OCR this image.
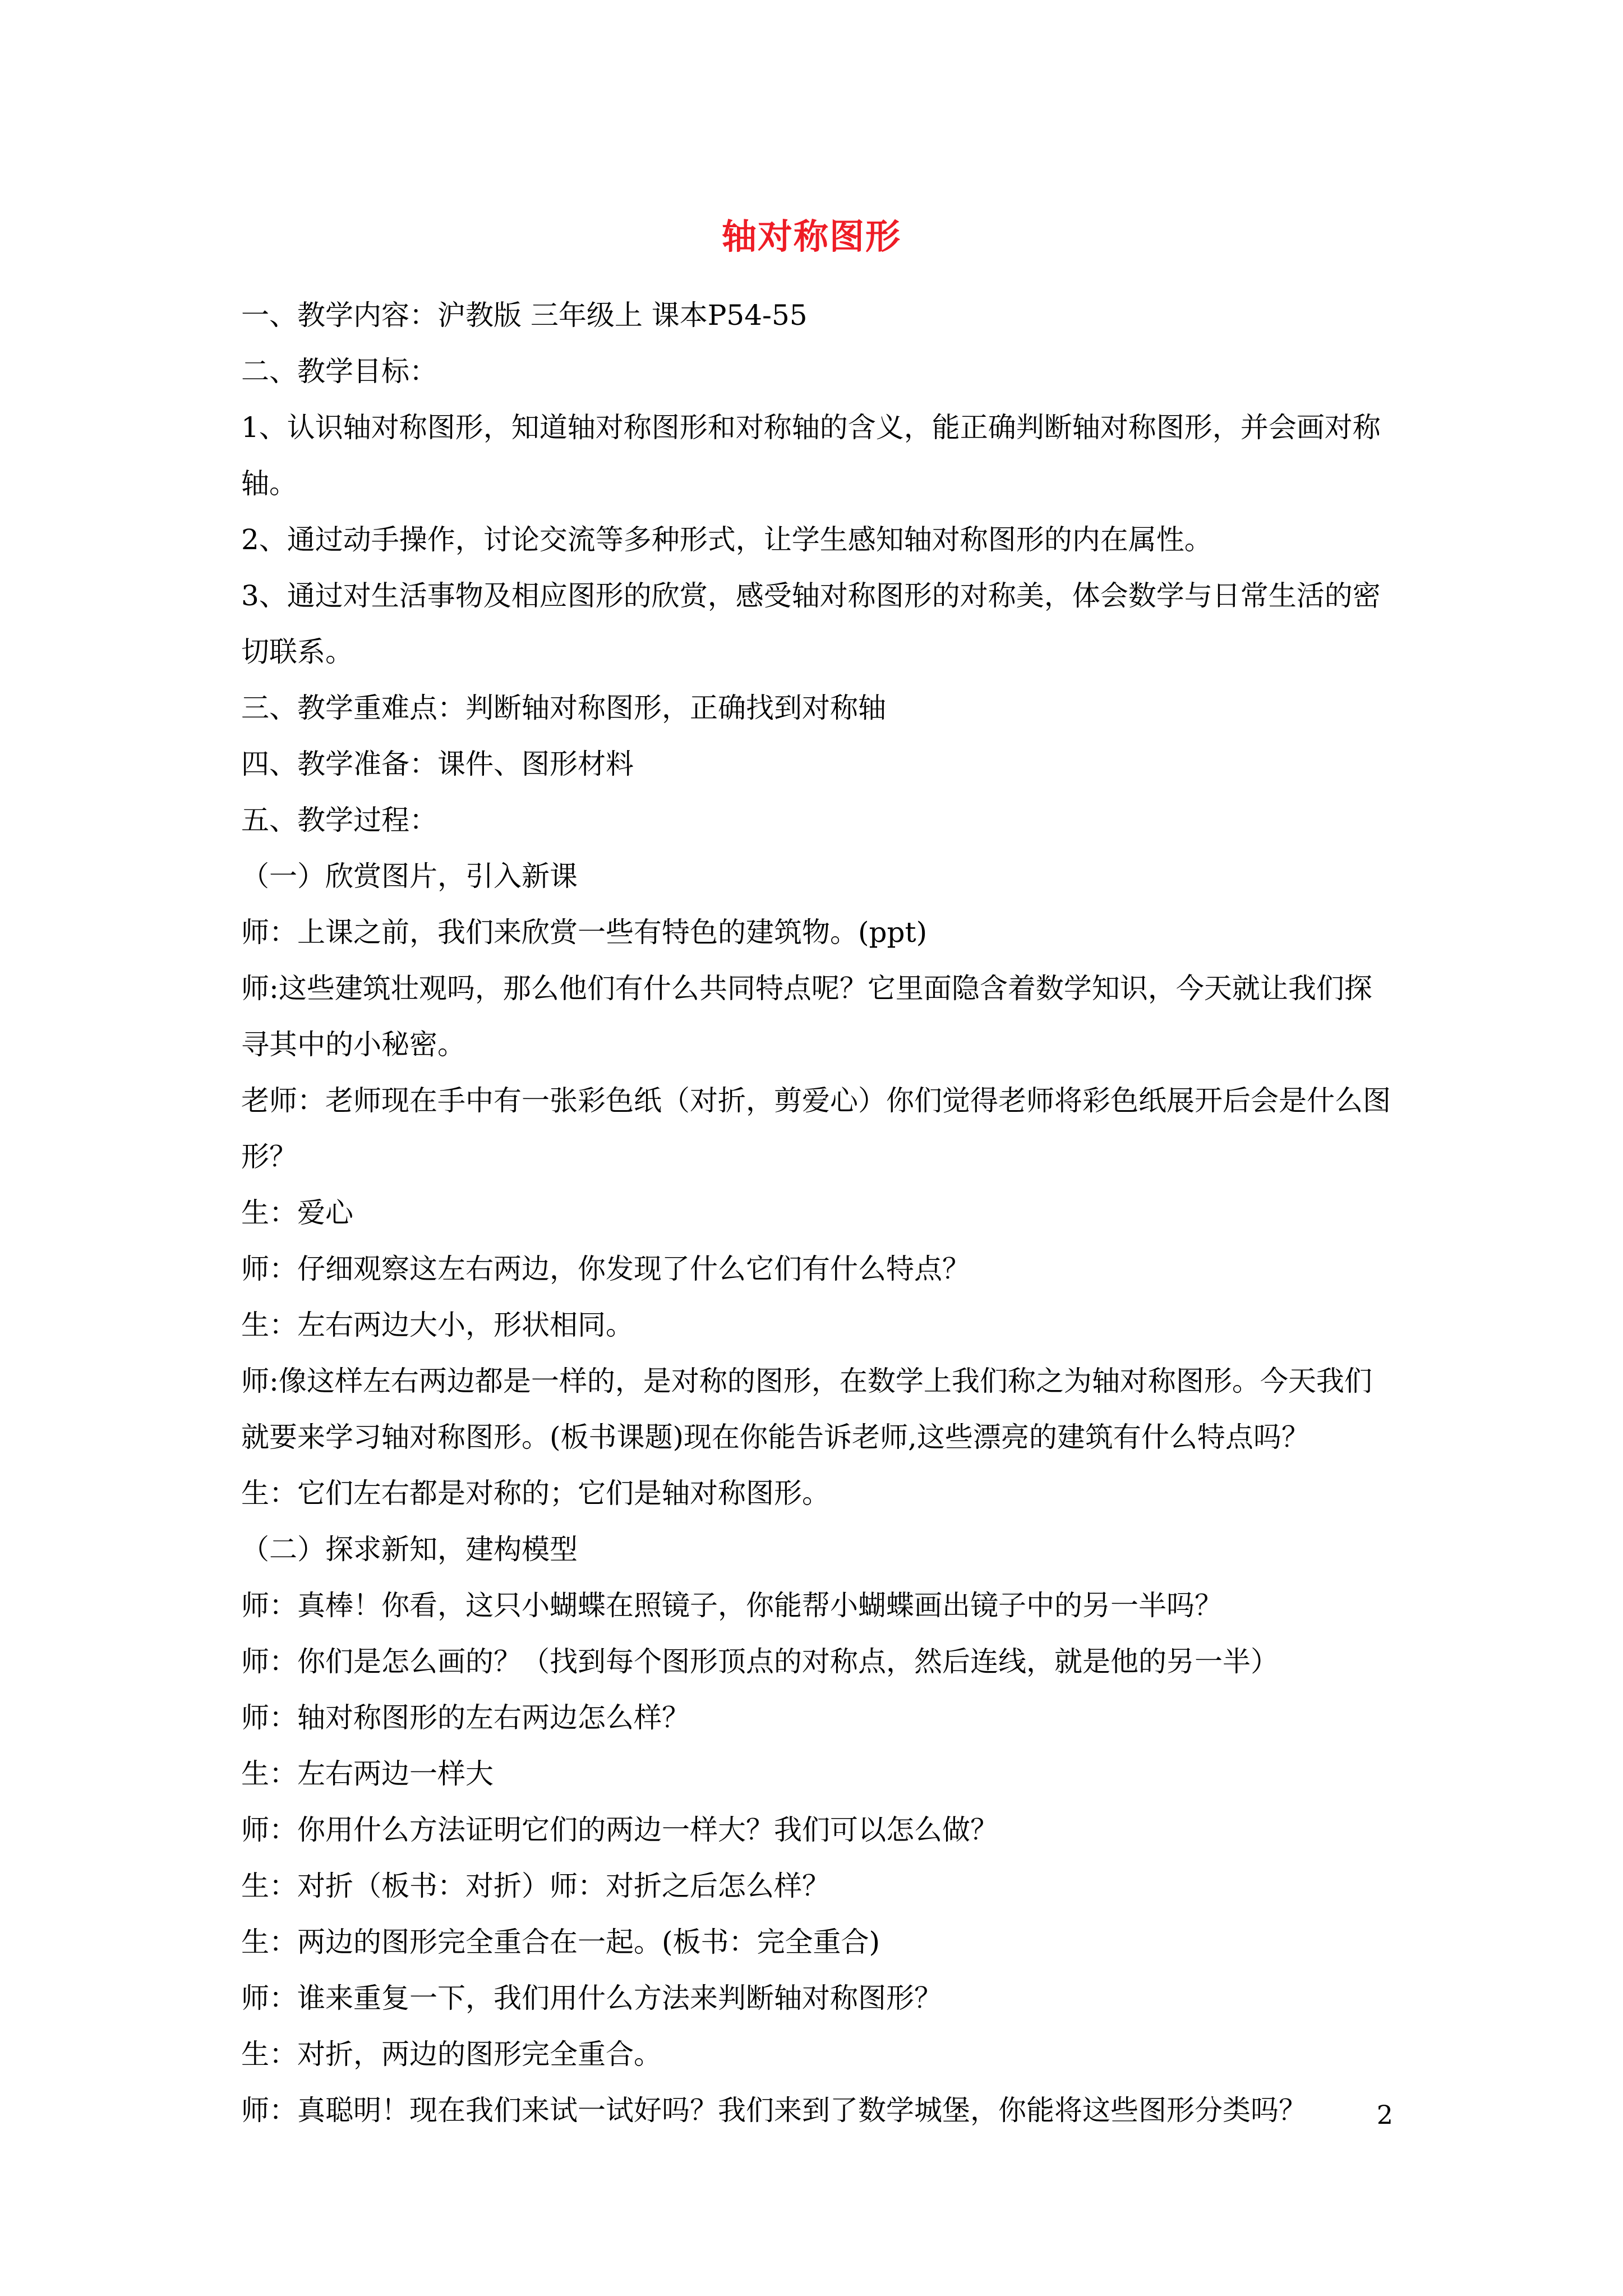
轴对称图形

一、教学内容：沪教版 三年级上 课本P54-55

二、教学目标：

1、认识轴对称图形，知道轴对称图形和对称轴的含义，能正确判断轴对称图形，并会画对称轴。

2、通过动手操作，讨论交流等多种形式，让学生感知轴对称图形的内在属性。

3、通过对生活事物及相应图形的欣赏，感受轴对称图形的对称美，体会数学与日常生活的密切联系。

三、教学重难点：判断轴对称图形，正确找到对称轴

四、教学准备：课件、图形材料

五、教学过程：

（一）欣赏图片，引入新课

师：上课之前，我们来欣赏一些有特色的建筑物。(ppt)

师:这些建筑壮观吗，那么他们有什么共同特点呢？它里面隐含着数学知识，今天就让我们探寻其中的小秘密。

老师：老师现在手中有一张彩色纸（对折，剪爱心）你们觉得老师将彩色纸展开后会是什么图形？

生：爱心

师：仔细观察这左右两边，你发现了什么它们有什么特点？

生：左右两边大小，形状相同。

师:像这样左右两边都是一样的，是对称的图形，在数学上我们称之为轴对称图形。今天我们就要来学习轴对称图形。(板书课题)现在你能告诉老师,这些漂亮的建筑有什么特点吗？

生：它们左右都是对称的；它们是轴对称图形。

（二）探求新知，建构模型

师：真棒！你看，这只小蝴蝶在照镜子，你能帮小蝴蝶画出镜子中的另一半吗？

师：你们是怎么画的？（找到每个图形顶点的对称点，然后连线，就是他的另一半）

师：轴对称图形的左右两边怎么样？

生：左右两边一样大

师：你用什么方法证明它们的两边一样大？我们可以怎么做？

生：对折（板书：对折）师：对折之后怎么样？

生：两边的图形完全重合在一起。(板书：完全重合)

师：谁来重复一下，我们用什么方法来判断轴对称图形？

生：对折，两边的图形完全重合。

师：真聪明！现在我们来试一试好吗？我们来到了数学城堡，你能将这些图形分类吗？	2
